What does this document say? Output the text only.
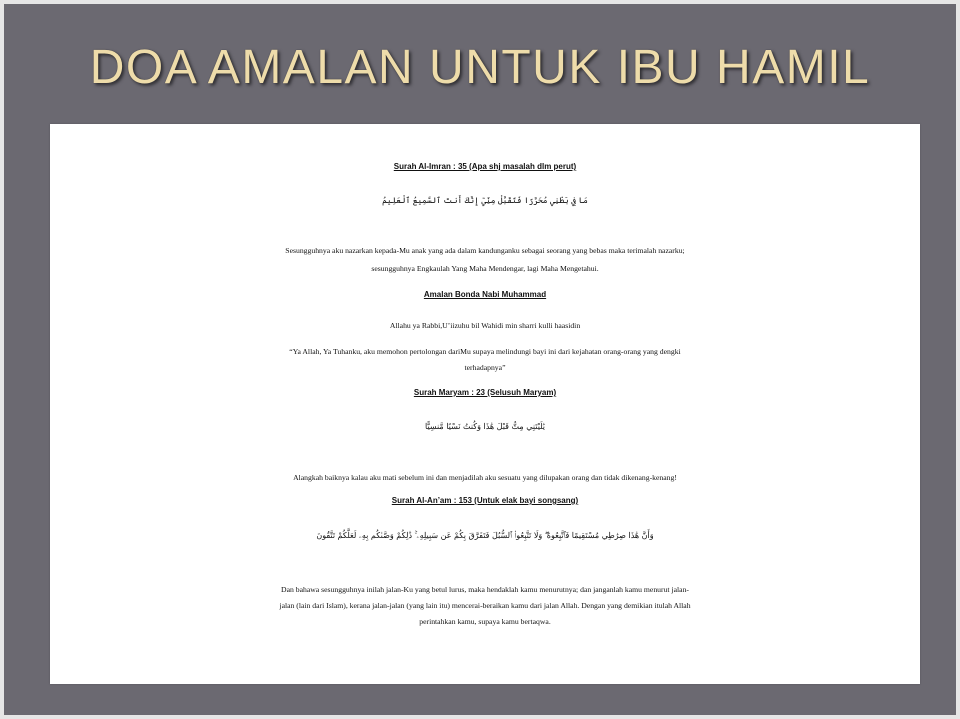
DOA AMALAN UNTUK IBU HAMIL
Surah Al-Imran : 35 (Apa shj masalah dlm perut)
مَا فِي بَطْنِي مُحَرَّرًا فَتَقَبَّلْ مِنِّيٓ إِنَّكَ أَنتَ ٱلسَّمِيعُ ٱلْعَلِيمُ
Sesungguhnya aku nazarkan kepada-Mu anak yang ada dalam kandunganku sebagai seorang yang bebas maka terimalah nazarku;
sesungguhnya Engkaulah Yang Maha Mendengar, lagi Maha Mengetahui.
Amalan Bonda Nabi Muhammad
Allahu ya Rabbi,U’iizuhu bil Wahidi min sharri kulli haasidin
“Ya Allah, Ya Tuhanku, aku memohon pertolongan dariMu supaya melindungi bayi ini dari kejahatan orang-orang yang dengki
terhadapnya”
Surah Maryam : 23 (Selusuh Maryam)
يَٰلَيْتَنِي مِتُّ قَبْلَ هَٰذَا وَكُنتُ نَسْيًا مَّنسِيًّا
Alangkah baiknya kalau aku mati sebelum ini dan menjadilah aku sesuatu yang dilupakan orang dan tidak dikenang-kenang!
Surah Al-An’am : 153 (Untuk elak bayi songsang)
وَأَنَّ هَٰذَا صِرَٰطِي مُسْتَقِيمًا فَٱتَّبِعُوهُ ۖ وَلَا تَتَّبِعُوا۟ ٱلسُّبُلَ فَتَفَرَّقَ بِكُمْ عَن سَبِيلِهِۦ ۚ ذَٰلِكُمْ وَصَّىٰكُم بِهِۦ لَعَلَّكُمْ تَتَّقُونَ
Dan bahawa sesungguhnya inilah jalan-Ku yang betul lurus, maka hendaklah kamu menurutnya; dan janganlah kamu menurut jalan-
jalan (lain dari Islam), kerana jalan-jalan (yang lain itu) mencerai-beraikan kamu dari jalan Allah. Dengan yang demikian itulah Allah
perintahkan kamu, supaya kamu bertaqwa.
